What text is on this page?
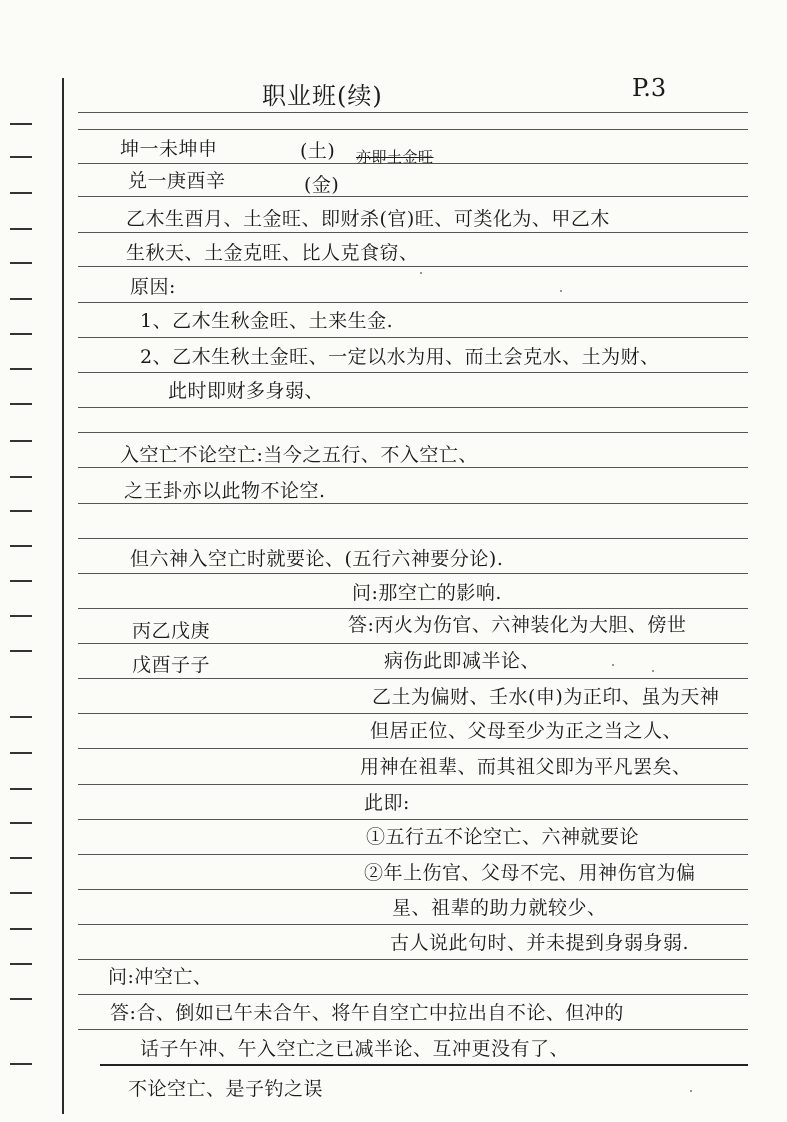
职业班(续)	P.3
坤一未坤申	(土) 亦即土金旺
兑一庚酉辛	(金)
乙木生酉月、土金旺、即财杀(官)旺、可类化为、甲乙木
生秋天、土金克旺、比人克食窃、
原因:
1、乙木生秋金旺、土来生金.
2、乙木生秋土金旺、一定以水为用、而土会克水、土为财、
此时即财多身弱、
入空亡不论空亡:当今之五行、不入空亡、
之王卦亦以此物不论空.
但六神入空亡时就要论、(五行六神要分论).
问:那空亡的影响.
丙乙戊庚	答:丙火为伤官、六神装化为大胆、傍世
戊酉子子	病伤此即减半论、
乙土为偏财、壬水(申)为正印、虽为天神
但居正位、父母至少为正之当之人、
用神在祖辈、而其祖父即为平凡罢矣、
此即:
①五行五不论空亡、六神就要论
②年上伤官、父母不完、用神伤官为偏
星、祖辈的助力就较少、
古人说此句时、并未提到身弱身弱.
问:冲空亡、
答:合、倒如已午未合午、将午自空亡中拉出自不论、但冲的
话子午冲、午入空亡之已减半论、互冲更没有了、
不论空亡、是子钓之误
